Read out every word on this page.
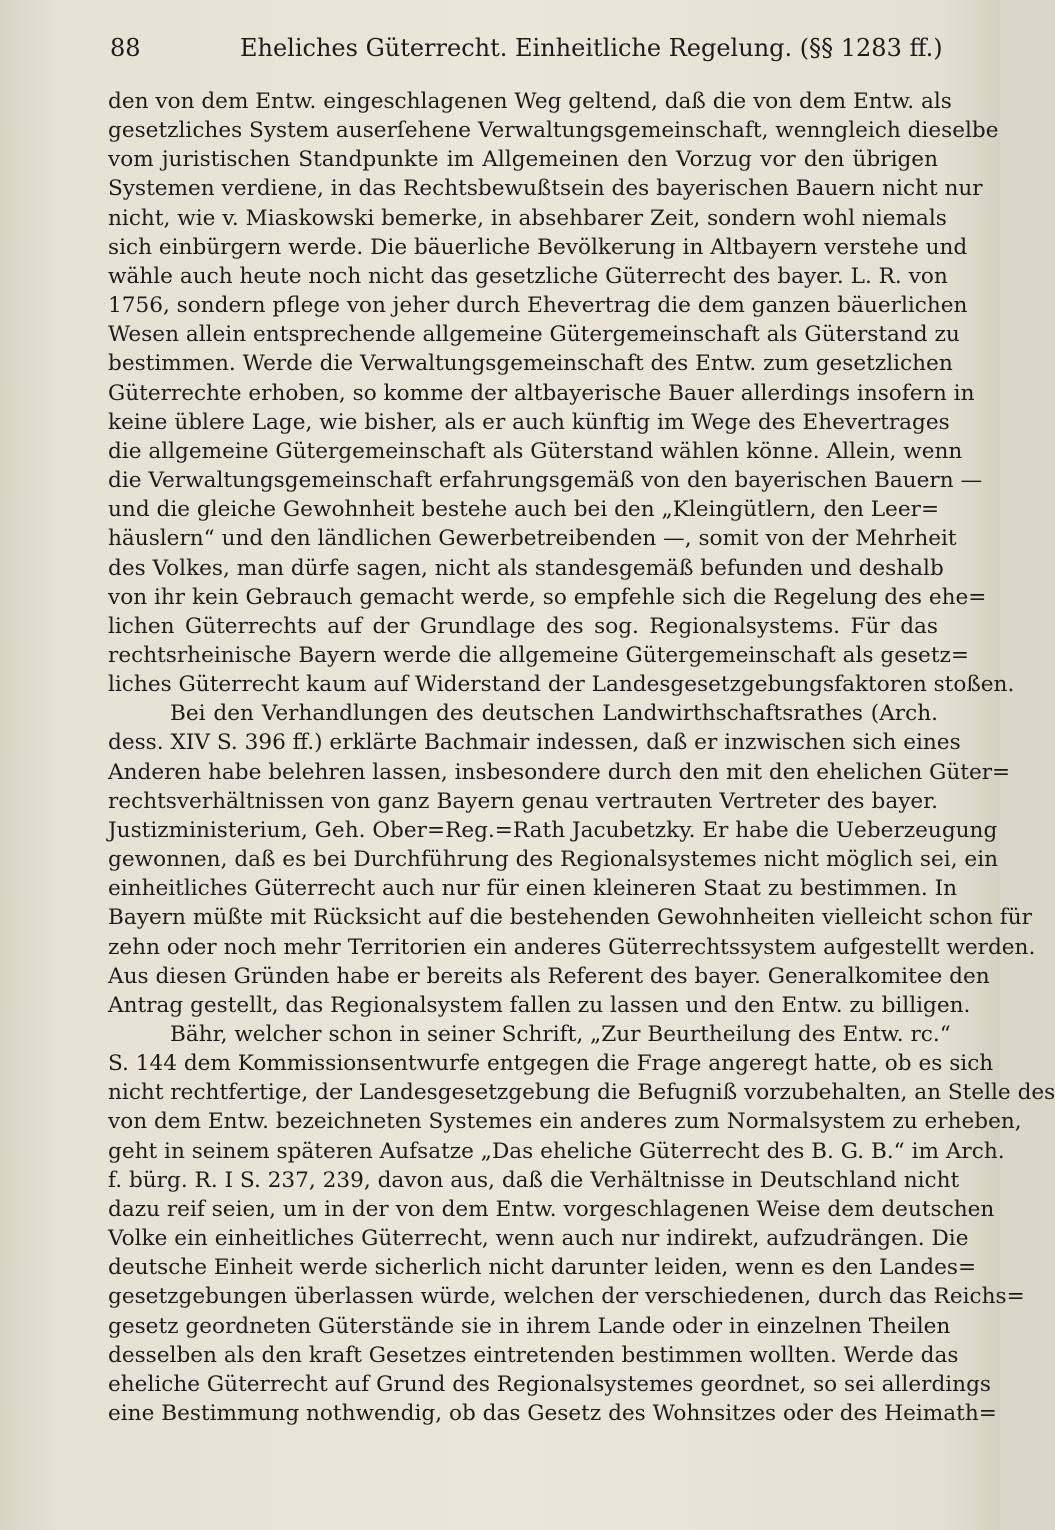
88	Eheliches Güterrecht. Einheitliche Regelung. (§§ 1283 ff.)
den von dem Entw. eingeschlagenen Weg geltend, daß die von dem Entw. als
gesetzliches System auserſehene Verwaltungsgemeinschaft, wenngleich dieselbe
vom juristischen Standpunkte im Allgemeinen den Vorzug vor den übrigen
Systemen verdiene, in das Rechtsbewußtsein des bayerischen Bauern nicht nur
nicht, wie v. Miaskowski bemerke, in absehbarer Zeit, sondern wohl niemals
sich einbürgern werde. Die bäuerliche Bevölkerung in Altbayern verstehe und
wähle auch heute noch nicht das gesetzliche Güterrecht des bayer. L. R. von
1756, sondern pflege von jeher durch Ehevertrag die dem ganzen bäuerlichen
Wesen allein entsprechende allgemeine Gütergemeinschaft als Güterstand zu
bestimmen. Werde die Verwaltungsgemeinschaft des Entw. zum gesetzlichen
Güterrechte erhoben, so komme der altbayerische Bauer allerdings insofern in
keine üblere Lage, wie bisher, als er auch künftig im Wege des Ehevertrages
die allgemeine Gütergemeinschaft als Güterstand wählen könne. Allein, wenn
die Verwaltungsgemeinschaft erfahrungsgemäß von den bayerischen Bauern —
und die gleiche Gewohnheit bestehe auch bei den „Kleingütlern, den Leer=
häuslern“ und den ländlichen Gewerbetreibenden —, somit von der Mehrheit
des Volkes, man dürfe sagen, nicht als standesgemäß befunden und deshalb
von ihr kein Gebrauch gemacht werde, so empfehle sich die Regelung des ehe=
lichen Güterrechts auf der Grundlage des sog. Regionalsystems. Für das
rechtsrheinische Bayern werde die allgemeine Gütergemeinschaft als gesetz=
liches Güterrecht kaum auf Widerstand der Landesgesetzgebungsfaktoren stoßen.
Bei den Verhandlungen des deutschen Landwirthschaftsrathes (Arch.
dess. XIV S. 396 ff.) erklärte Bachmair indessen, daß er inzwischen sich eines
Anderen habe belehren lassen, insbesondere durch den mit den ehelichen Güter=
rechtsverhältnissen von ganz Bayern genau vertrauten Vertreter des bayer.
Justizministerium, Geh. Ober=Reg.=Rath Jacubetzky. Er habe die Ueberzeugung
gewonnen, daß es bei Durchführung des Regionalsystemes nicht möglich sei, ein
einheitliches Güterrecht auch nur für einen kleineren Staat zu bestimmen. In
Bayern müßte mit Rücksicht auf die bestehenden Gewohnheiten vielleicht schon für
zehn oder noch mehr Territorien ein anderes Güterrechtssystem aufgestellt werden.
Aus diesen Gründen habe er bereits als Referent des bayer. Generalkomitee den
Antrag gestellt, das Regionalsystem fallen zu lassen und den Entw. zu billigen.
Bähr, welcher schon in seiner Schrift, „Zur Beurtheilung des Entw. rc.“
S. 144 dem Kommissionsentwurfe entgegen die Frage angeregt hatte, ob es sich
nicht rechtfertige, der Landesgesetzgebung die Befugniß vorzubehalten, an Stelle des
von dem Entw. bezeichneten Systemes ein anderes zum Normalsystem zu erheben,
geht in seinem späteren Aufsatze „Das eheliche Güterrecht des B. G. B.“ im Arch.
f. bürg. R. I S. 237, 239, davon aus, daß die Verhältnisse in Deutschland nicht
dazu reif seien, um in der von dem Entw. vorgeschlagenen Weise dem deutschen
Volke ein einheitliches Güterrecht, wenn auch nur indirekt, aufzudrängen. Die
deutsche Einheit werde sicherlich nicht darunter leiden, wenn es den Landes=
gesetzgebungen überlassen würde, welchen der verschiedenen, durch das Reichs=
gesetz geordneten Güterstände sie in ihrem Lande oder in einzelnen Theilen
desselben als den kraft Gesetzes eintretenden bestimmen wollten. Werde das
eheliche Güterrecht auf Grund des Regionalsystemes geordnet, so sei allerdings
eine Bestimmung nothwendig, ob das Gesetz des Wohnsitzes oder des Heimath=
